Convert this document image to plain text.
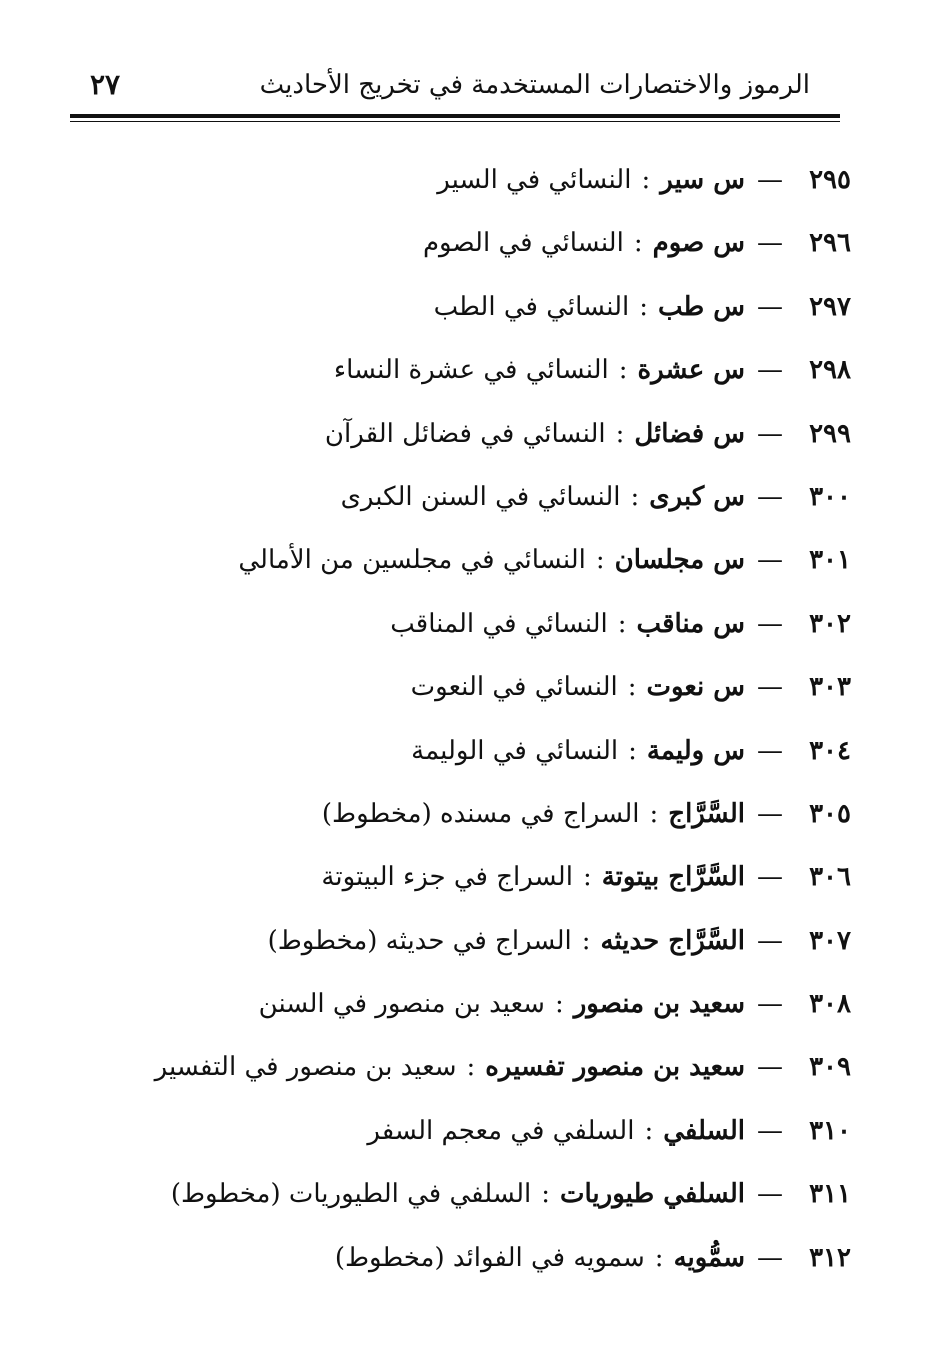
الرموز والاختصارات المستخدمة في تخريج الأحاديث
٢٧
٢٩٥—س سير:النسائي في السير
٢٩٦—س صوم:النسائي في الصوم
٢٩٧—س طب:النسائي في الطب
٢٩٨—س عشرة:النسائي في عشرة النساء
٢٩٩—س فضائل:النسائي في فضائل القرآن
٣٠٠—س كبرى:النسائي في السنن الكبرى
٣٠١—س مجلسان:النسائي في مجلسين من الأمالي
٣٠٢—س مناقب:النسائي في المناقب
٣٠٣—س نعوت:النسائي في النعوت
٣٠٤—س وليمة:النسائي في الوليمة
٣٠٥—السَّرَّاج:السراج في مسنده (مخطوط)
٣٠٦—السَّرَّاج بيتوتة:السراج في جزء البيتوتة
٣٠٧—السَّرَّاج حديثه:السراج في حديثه (مخطوط)
٣٠٨—سعيد بن منصور:سعيد بن منصور في السنن
٣٠٩—سعيد بن منصور تفسيره:سعيد بن منصور في التفسير
٣١٠—السلفي:السلفي في معجم السفر
٣١١—السلفي طيوريات:السلفي في الطيوريات (مخطوط)
٣١٢—سمُّويه:سمويه في الفوائد (مخطوط)
